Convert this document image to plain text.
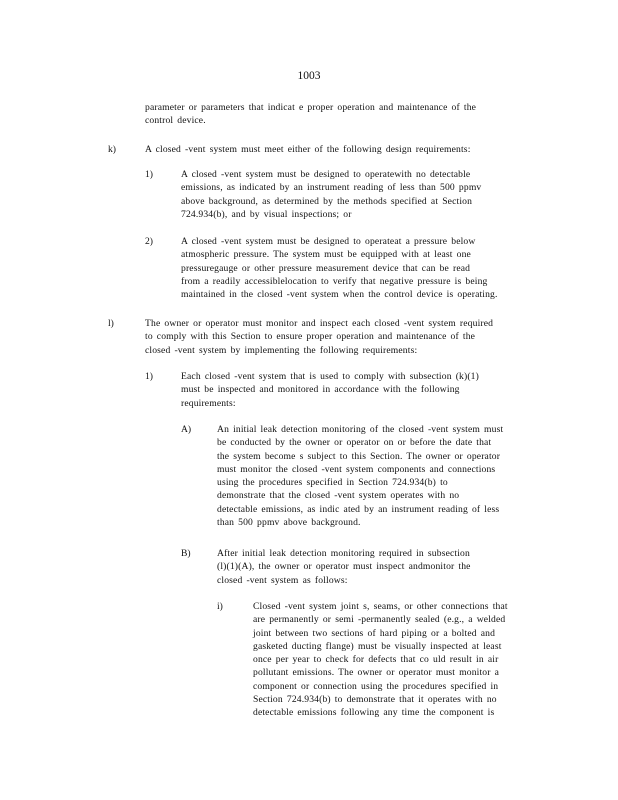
1003
parameter or parameters that indicat e proper operation and maintenance of the
control device.
k)	A closed -vent system must meet either of the following design requirements:
1)	A closed -vent system must be designed to operatewith no detectable
emissions, as indicated by an instrument reading of less than 500 ppmv
above background, as determined by the methods specified at Section
724.934(b), and by visual inspections; or
2)	A closed -vent system must be designed to operateat a pressure below
atmospheric pressure. The system must be equipped with at least one
pressuregauge or other pressure measurement device that can be read
from a readily accessiblelocation to verify that negative pressure is being
maintained in the closed -vent system when the control device is operating.
l)	The owner or operator must monitor and inspect each closed -vent system required
to comply with this Section to ensure proper operation and maintenance of the
closed -vent system by implementing the following requirements:
1)	Each closed -vent system that is used to comply with subsection (k)(1)
must be inspected and monitored in accordance with the following
requirements:
A)	An initial leak detection monitoring of the closed -vent system must
be conducted by the owner or operator on or before the date that
the system become s subject to this Section. The owner or operator
must monitor the closed -vent system components and connections
using the procedures specified in Section 724.934(b) to
demonstrate that the closed -vent system operates with no
detectable emissions, as indic ated by an instrument reading of less
than 500 ppmv above background.
B)	After initial leak detection monitoring required in subsection
(l)(1)(A), the owner or operator must inspect andmonitor the
closed -vent system as follows:
i)	Closed -vent system joint s, seams, or other connections that
are permanently or semi -permanently sealed (e.g., a welded
joint between two sections of hard piping or a bolted and
gasketed ducting flange) must be visually inspected at least
once per year to check for defects that co uld result in air
pollutant emissions. The owner or operator must monitor a
component or connection using the procedures specified in
Section 724.934(b) to demonstrate that it operates with no
detectable emissions following any time the component is
